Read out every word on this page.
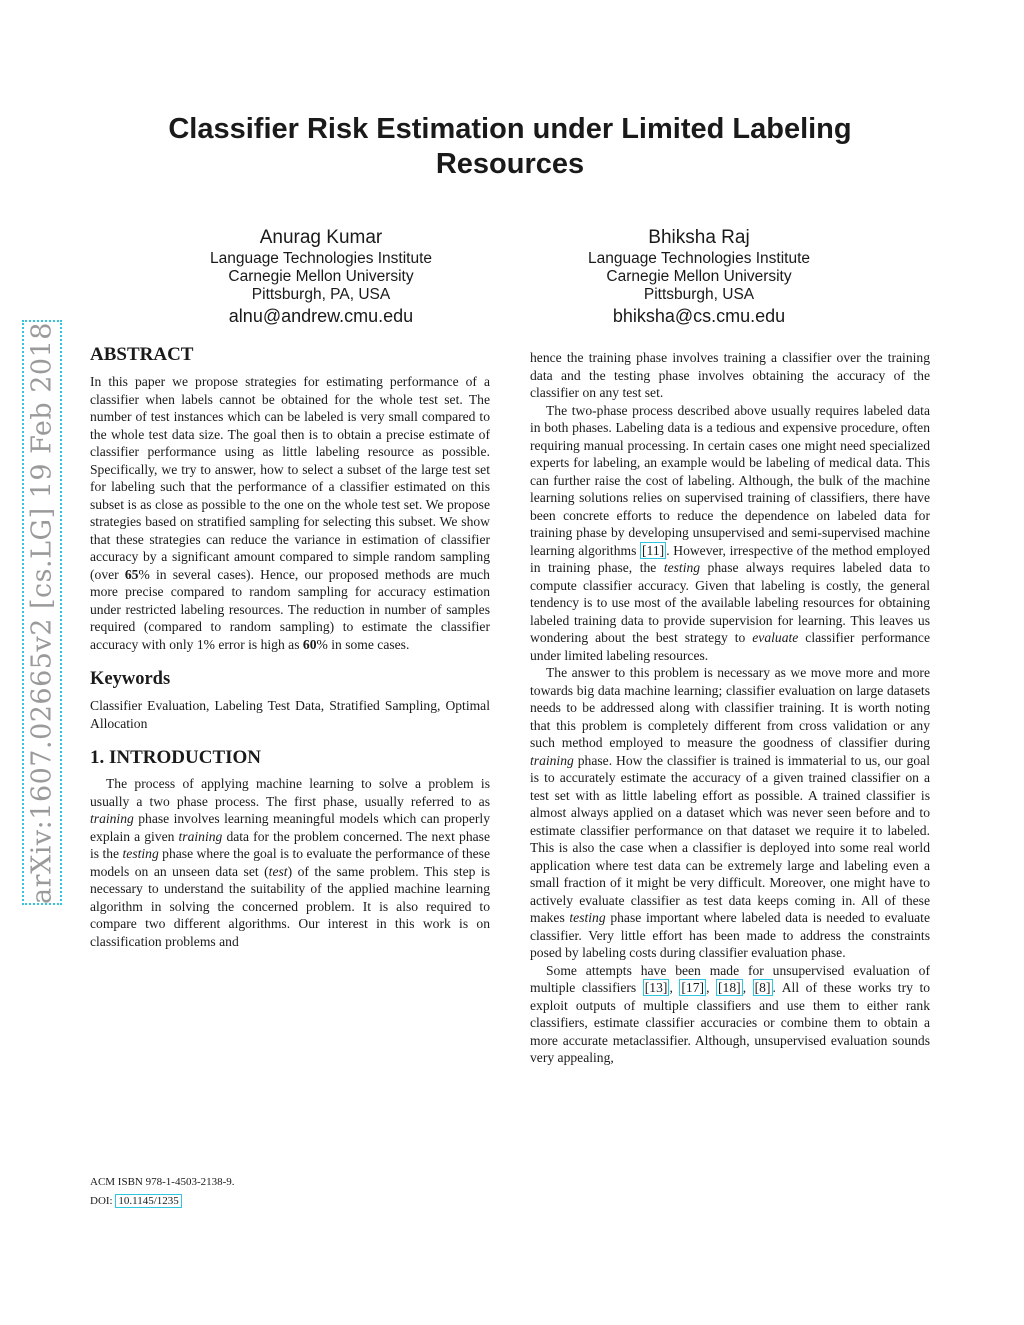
arXiv:1607.02665v2 [cs.LG] 19 Feb 2018
Classifier Risk Estimation under Limited Labeling Resources
Anurag Kumar
Language Technologies Institute
Carnegie Mellon University
Pittsburgh, PA, USA
alnu@andrew.cmu.edu
Bhiksha Raj
Language Technologies Institute
Carnegie Mellon University
Pittsburgh, USA
bhiksha@cs.cmu.edu
ABSTRACT

In this paper we propose strategies for estimating performance of a classifier when labels cannot be obtained for the whole test set. The number of test instances which can be labeled is very small compared to the whole test data size. The goal then is to obtain a precise estimate of classifier performance using as little labeling resource as possible. Specifically, we try to answer, how to select a subset of the large test set for labeling such that the performance of a classifier estimated on this subset is as close as possible to the one on the whole test set. We propose strategies based on stratified sampling for selecting this subset. We show that these strategies can reduce the variance in estimation of classifier accuracy by a significant amount compared to simple random sampling (over 65% in several cases). Hence, our proposed methods are much more precise compared to random sampling for accuracy estimation under restricted labeling resources. The reduction in number of samples required (compared to random sampling) to estimate the classifier accuracy with only 1% error is high as 60% in some cases.

Keywords

Classifier Evaluation, Labeling Test Data, Stratified Sampling, Optimal Allocation

1. INTRODUCTION

The process of applying machine learning to solve a problem is usually a two phase process. The first phase, usually referred to as training phase involves learning meaningful models which can properly explain a given training data for the problem concerned. The next phase is the testing phase where the goal is to evaluate the performance of these models on an unseen data set (test) of the same problem. This step is necessary to understand the suitability of the applied machine learning algorithm in solving the concerned problem. It is also required to compare two different algorithms. Our interest in this work is on classification problems and

hence the training phase involves training a classifier over the training data and the testing phase involves obtaining the accuracy of the classifier on any test set.

The two-phase process described above usually requires labeled data in both phases. Labeling data is a tedious and expensive procedure, often requiring manual processing. In certain cases one might need specialized experts for labeling, an example would be labeling of medical data. This can further raise the cost of labeling. Although, the bulk of the machine learning solutions relies on supervised training of classifiers, there have been concrete efforts to reduce the dependence on labeled data for training phase by developing unsupervised and semi-supervised machine learning algorithms [11] . However, irrespective of the method employed in training phase, the testing phase always requires labeled data to compute classifier accuracy. Given that labeling is costly, the general tendency is to use most of the available labeling resources for obtaining labeled training data to provide supervision for learning. This leaves us wondering about the best strategy to evaluate classifier performance under limited labeling resources.

The answer to this problem is necessary as we move more and more towards big data machine learning; classifier evaluation on large datasets needs to be addressed along with classifier training. It is worth noting that this problem is completely different from cross validation or any such method employed to measure the goodness of classifier during training phase. How the classifier is trained is immaterial to us, our goal is to accurately estimate the accuracy of a given trained classifier on a test set with as little labeling effort as possible. A trained classifier is almost always applied on a dataset which was never seen before and to estimate classifier performance on that dataset we require it to labeled. This is also the case when a classifier is deployed into some real world application where test data can be extremely large and labeling even a small fraction of it might be very difficult. Moreover, one might have to actively evaluate classifier as test data keeps coming in. All of these makes testing phase important where labeled data is needed to evaluate classifier. Very little effort has been made to address the constraints posed by labeling costs during classifier evaluation phase.

Some attempts have been made for unsupervised evaluation of multiple classifiers [13] , [17] , [18] , [8] . All of these works try to exploit outputs of multiple classifiers and use them to either rank classifiers, estimate classifier accuracies or combine them to obtain a more accurate metaclassifier. Although, unsupervised evaluation sounds very appealing,

ACM ISBN 978-1-4503-2138-9.
DOI: 10.1145/1235
